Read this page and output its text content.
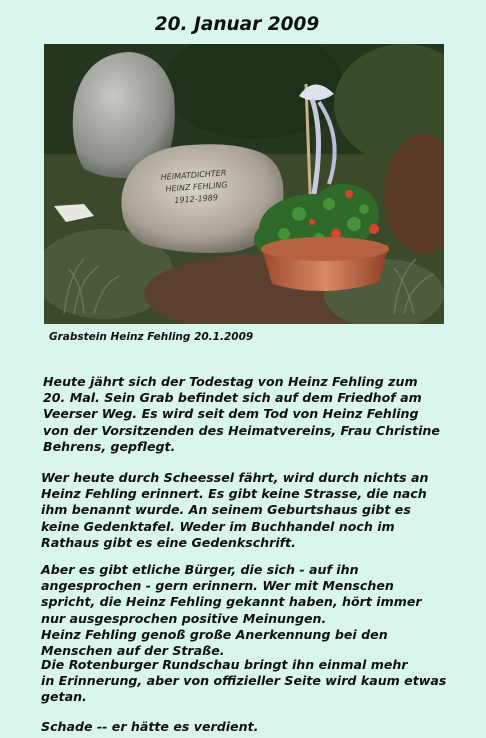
20. Januar 2009
HEIMATDICHTER
HEINZ FEHLING
1912-1989
Grabstein Heinz Fehling 20.1.2009
Heute jährt sich der Todestag von Heinz Fehling zum
20. Mal. Sein Grab befindet sich auf dem Friedhof am
Veerser Weg. Es wird seit dem Tod von Heinz Fehling
von der Vorsitzenden des Heimatvereins, Frau Christine
Behrens, gepflegt.
Wer heute durch Scheessel fährt, wird durch nichts an
Heinz Fehling erinnert. Es gibt keine Strasse, die nach
ihm benannt wurde. An seinem Geburtshaus gibt es
keine Gedenktafel. Weder im Buchhandel noch im
Rathaus gibt es eine Gedenkschrift.
Aber es gibt etliche Bürger, die sich - auf ihn
angesprochen - gern erinnern. Wer mit Menschen
spricht, die Heinz Fehling gekannt haben, hört immer
nur ausgesprochen positive Meinungen.
Heinz Fehling genoß große Anerkennung bei den
Menschen auf der Straße.
Die Rotenburger Rundschau bringt ihn einmal mehr
in Erinnerung, aber von offizieller Seite wird kaum etwas
getan.
Schade -- er hätte es verdient.
